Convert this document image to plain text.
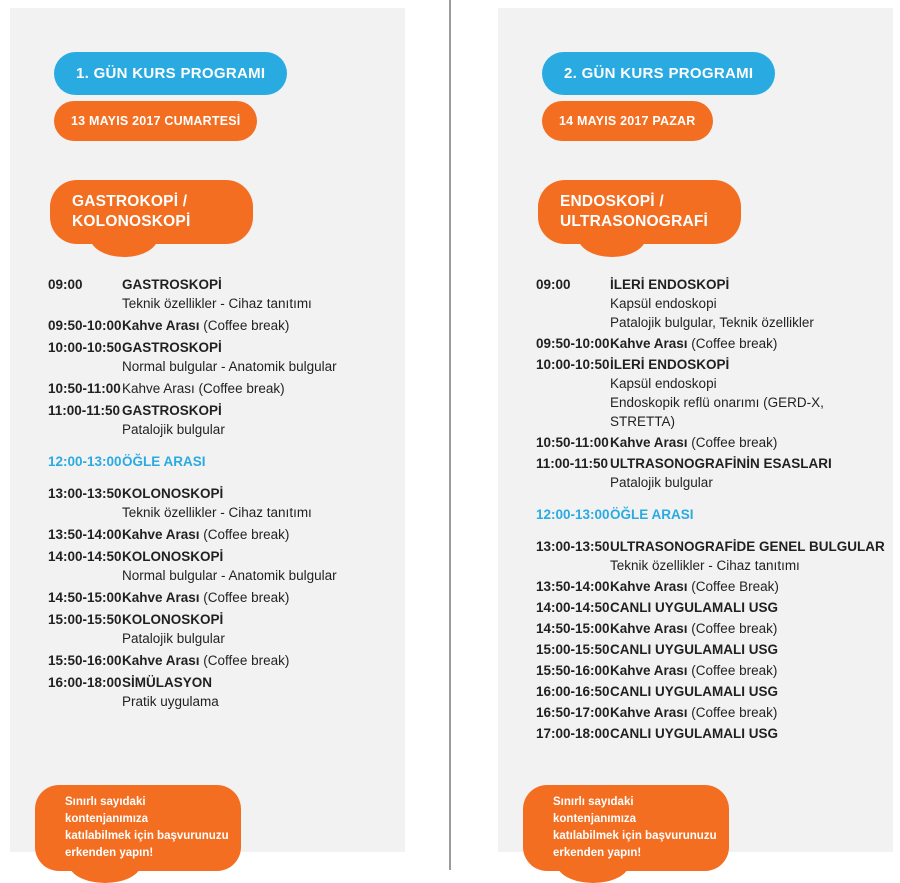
1. GÜN KURS PROGRAMI
13 MAYIS 2017 CUMARTESİ
GASTROKOPİ /
KOLONOSKOPİ
09:00	GASTROSKOPİ
Teknik özellikler - Cihaz tanıtımı
09:50-10:00 Kahve Arası (Coffee break)
10:00-10:50 GASTROSKOPİ
Normal bulgular - Anatomik bulgular
10:50-11:00 Kahve Arası (Coffee break)
11:00-11:50 GASTROSKOPİ
Patalojik bulgular
12:00-13:00 ÖĞLE ARASI
13:00-13:50 KOLONOSKOPİ
Teknik özellikler - Cihaz tanıtımı
13:50-14:00 Kahve Arası (Coffee break)
14:00-14:50 KOLONOSKOPİ
Normal bulgular - Anatomik bulgular
14:50-15:00 Kahve Arası (Coffee break)
15:00-15:50 KOLONOSKOPİ
Patalojik bulgular
15:50-16:00 Kahve Arası (Coffee break)
16:00-18:00 SİMÜLASYON
Pratik uygulama
Sınırlı sayıdaki kontenjanımıza
katılabilmek için başvurunuzu
erkenden yapın!
2. GÜN KURS PROGRAMI
14 MAYIS 2017 PAZAR
ENDOSKOPİ /
ULTRASONOGRAFİ
09:00	İLERİ ENDOSKOPİ
Kapsül endoskopi
Patalojik bulgular, Teknik özellikler
09:50-10:00 Kahve Arası (Coffee break)
10:00-10:50 İLERİ ENDOSKOPİ
Kapsül endoskopi
Endoskopik reflü onarımı (GERD-X, STRETTA)
10:50-11:00 Kahve Arası (Coffee break)
11:00-11:50 ULTRASONOGRAFİNİN ESASLARI
Patalojik bulgular
12:00-13:00 ÖĞLE ARASI
13:00-13:50 ULTRASONOGRAFİDE GENEL BULGULAR
Teknik özellikler - Cihaz tanıtımı
13:50-14:00 Kahve Arası (Coffee Break)
14:00-14:50 CANLI UYGULAMALI USG
14:50-15:00 Kahve Arası (Coffee break)
15:00-15:50 CANLI UYGULAMALI USG
15:50-16:00 Kahve Arası (Coffee break)
16:00-16:50 CANLI UYGULAMALI USG
16:50-17:00 Kahve Arası (Coffee break)
17:00-18:00 CANLI UYGULAMALI USG
Sınırlı sayıdaki kontenjanımıza
katılabilmek için başvurunuzu
erkenden yapın!
